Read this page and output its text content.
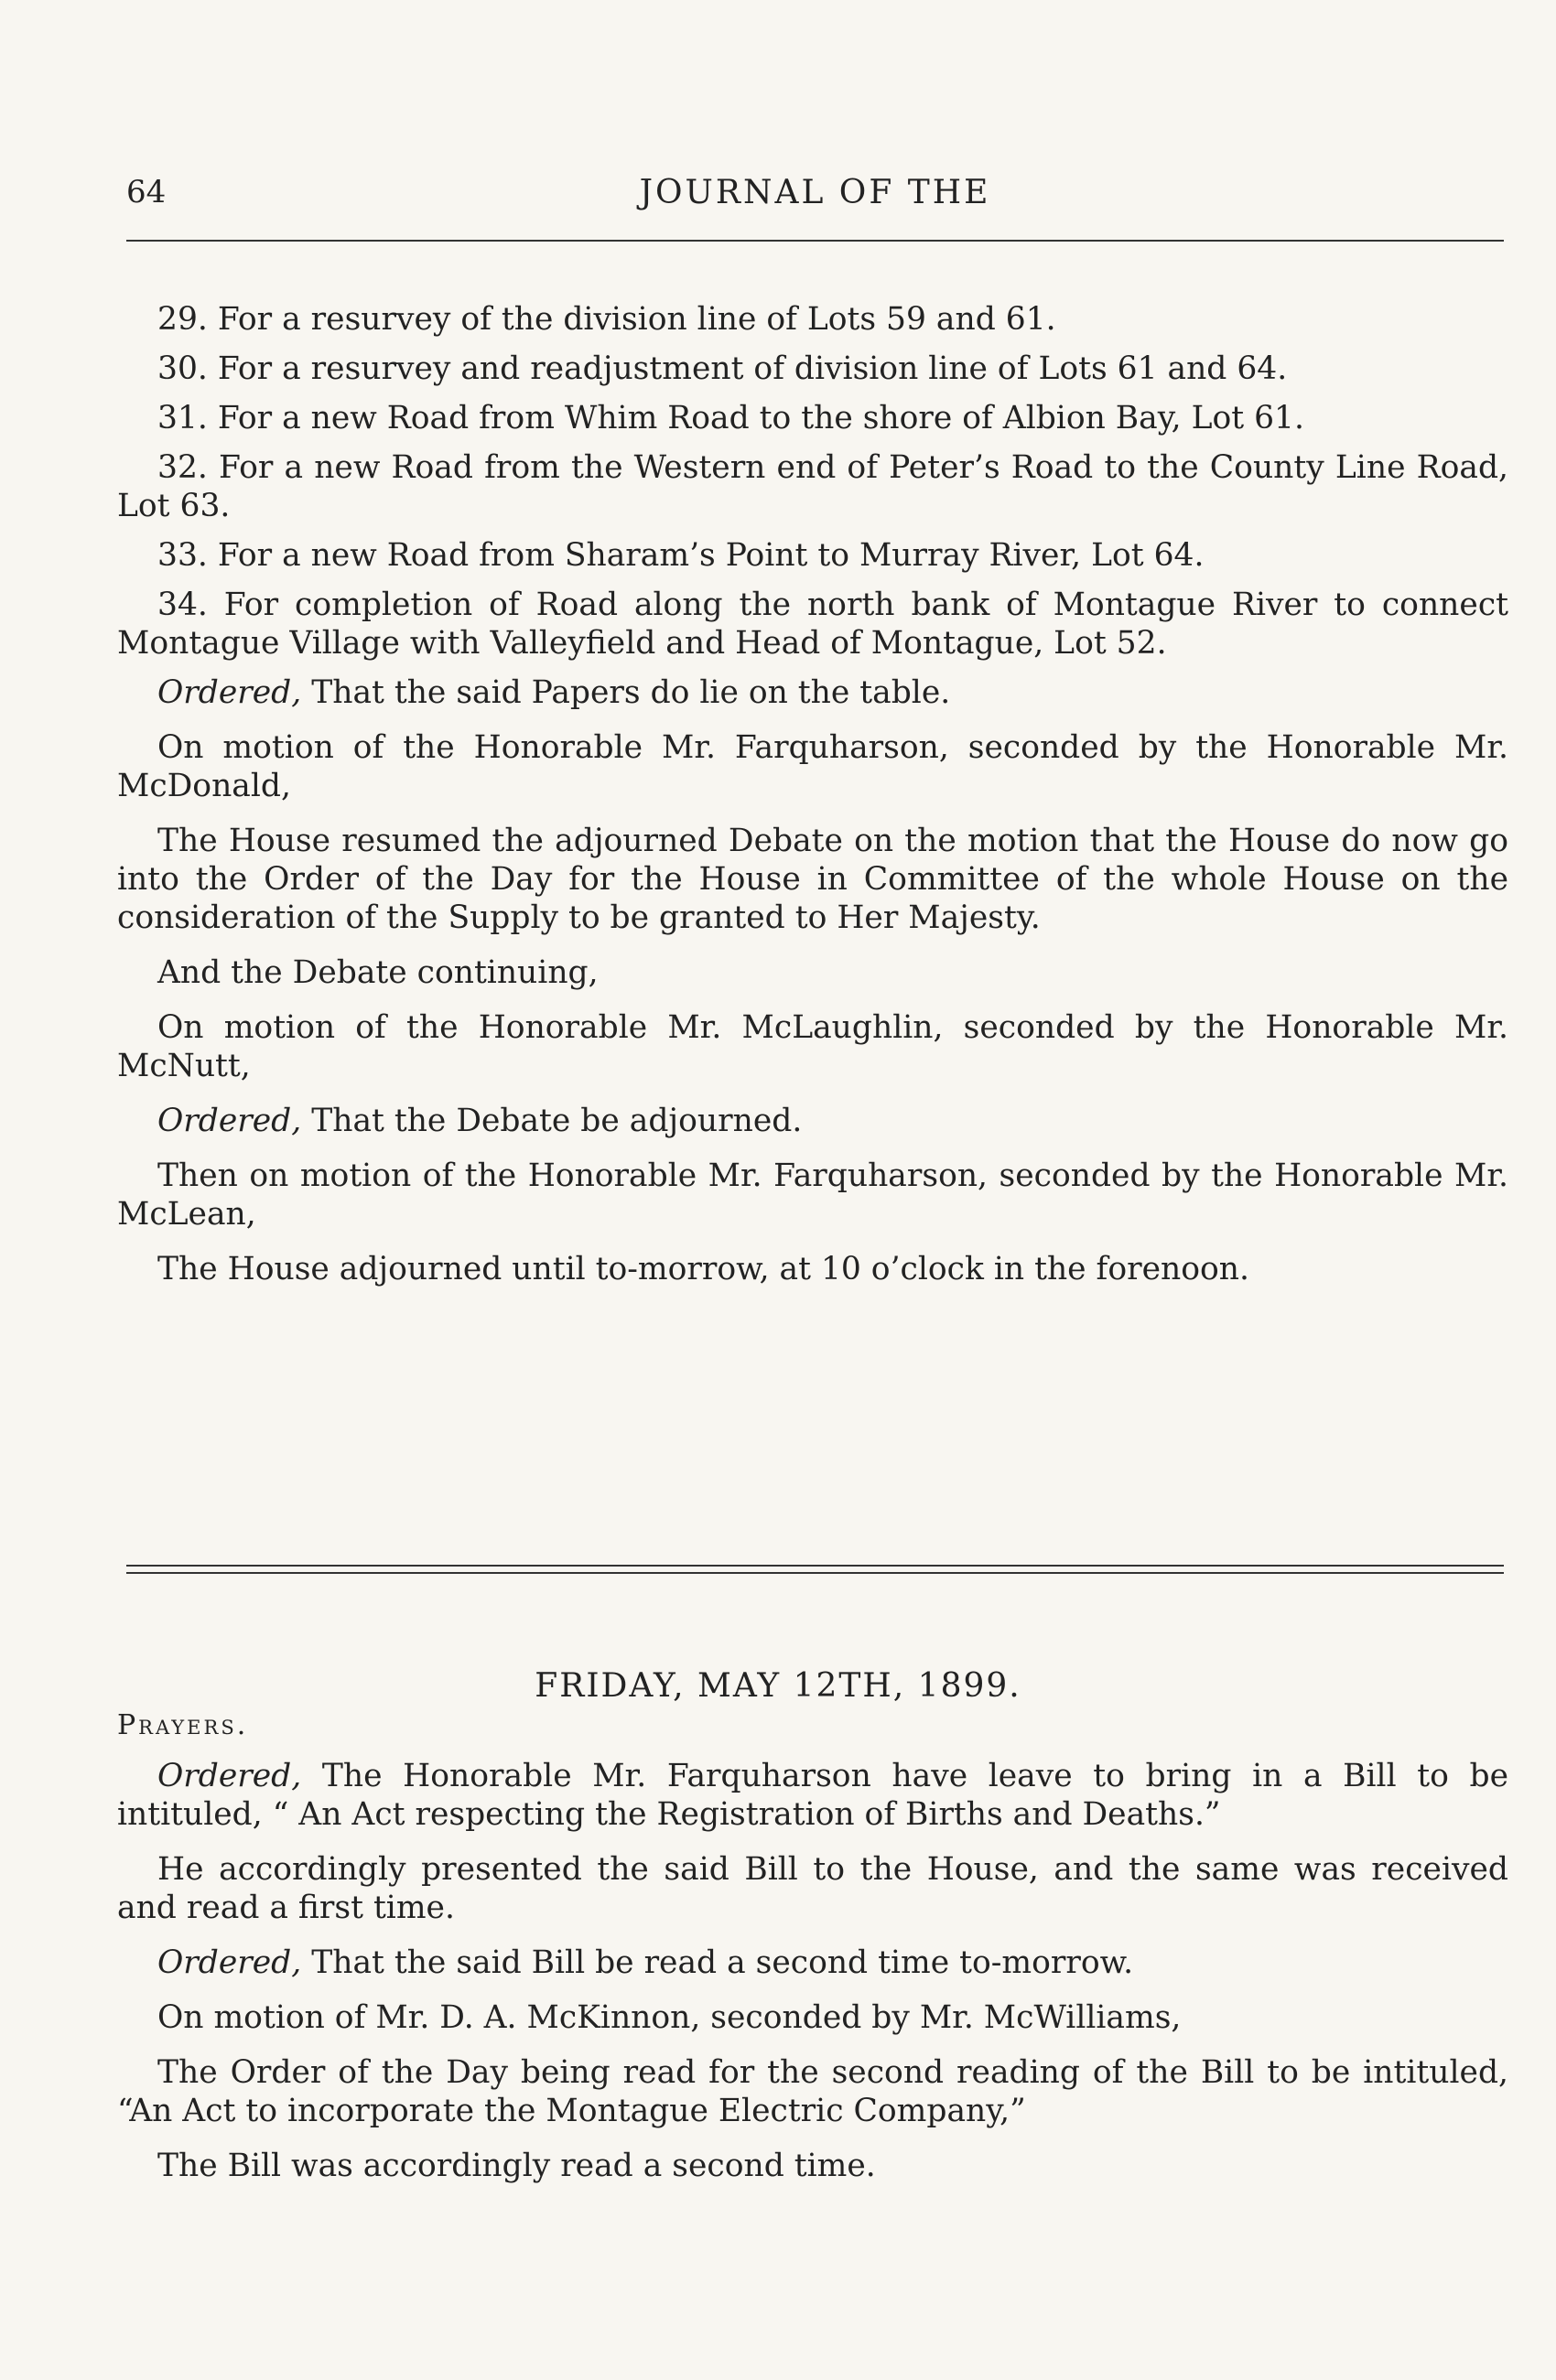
64	JOURNAL OF THE

29. For a resurvey of the division line of Lots 59 and 61.

30. For a resurvey and readjustment of division line of Lots 61 and 64.

31. For a new Road from Whim Road to the shore of Albion Bay, Lot 61.

32. For a new Road from the Western end of Peter’s Road to the County Line Road, Lot 63.

33. For a new Road from Sharam’s Point to Murray River, Lot 64.

34. For completion of Road along the north bank of Montague River to connect Montague Village with Valleyfield and Head of Montague, Lot 52.

Ordered, That the said Papers do lie on the table.

On motion of the Honorable Mr. Farquharson, seconded by the Honorable Mr. McDonald,

The House resumed the adjourned Debate on the motion that the House do now go into the Order of the Day for the House in Committee of the whole House on the consideration of the Supply to be granted to Her Majesty.

And the Debate continuing,

On motion of the Honorable Mr. McLaughlin, seconded by the Honorable Mr. McNutt,

Ordered, That the Debate be adjourned.

Then on motion of the Honorable Mr. Farquharson, seconded by the Honorable Mr. McLean,

The House adjourned until to-morrow, at 10 o’clock in the forenoon.

FRIDAY, MAY 12TH, 1899.
Prayers.

Ordered, The Honorable Mr. Farquharson have leave to bring in a Bill to be intituled, “ An Act respecting the Registration of Births and Deaths.”

He accordingly presented the said Bill to the House, and the same was received and read a first time.

Ordered, That the said Bill be read a second time to-morrow.

On motion of Mr. D. A. McKinnon, seconded by Mr. McWilliams,

The Order of the Day being read for the second reading of the Bill to be intituled, “An Act to incorporate the Montague Electric Company,”

The Bill was accordingly read a second time.
